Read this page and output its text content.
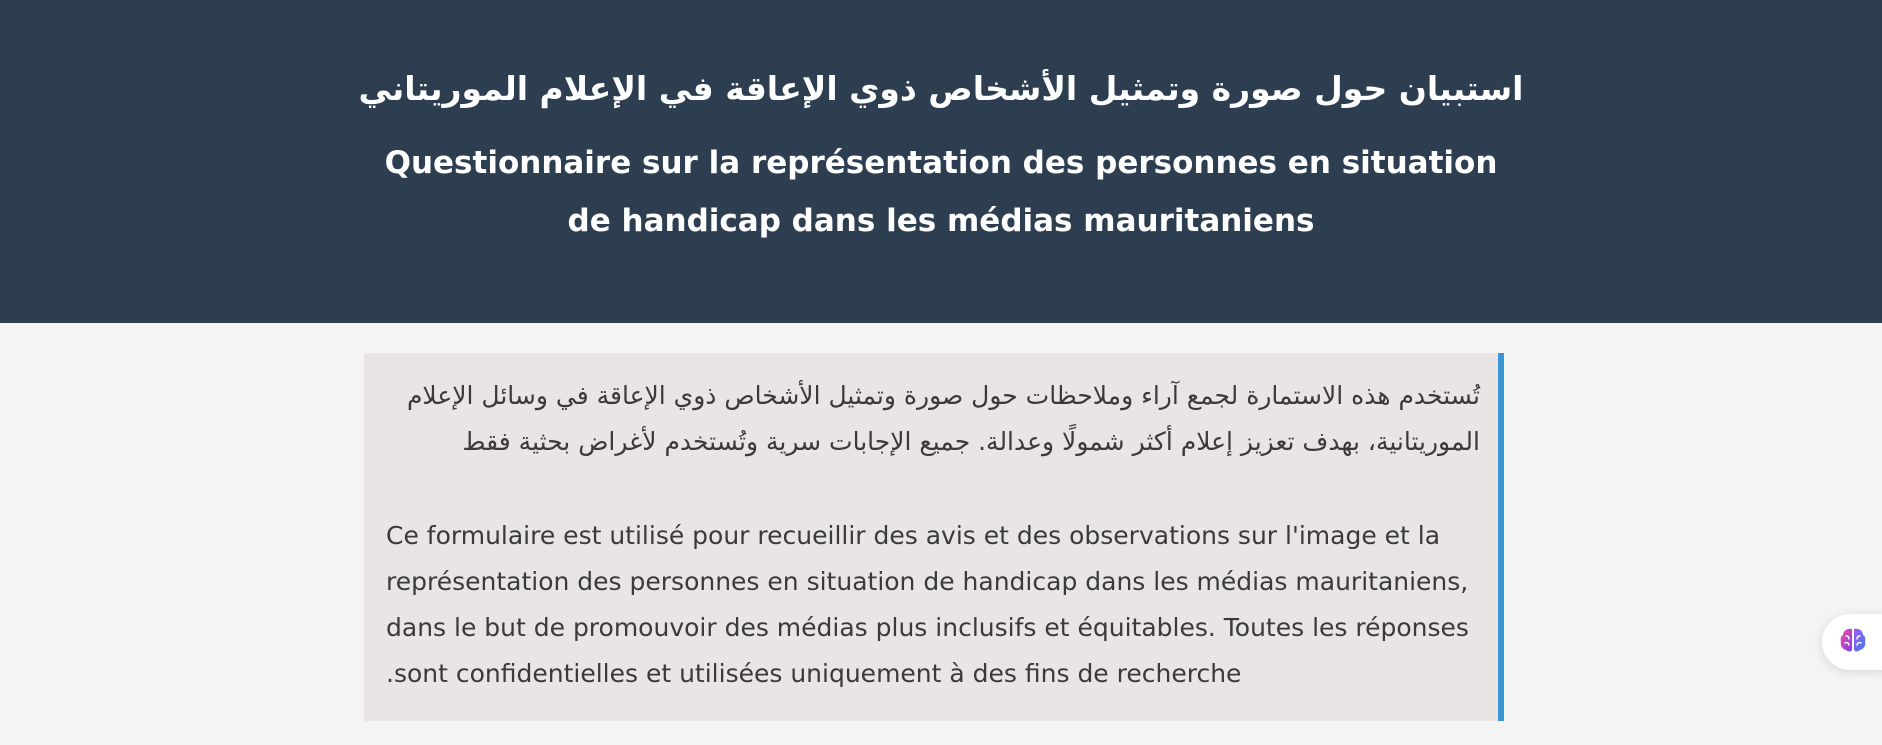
استبيان حول صورة وتمثيل الأشخاص ذوي الإعاقة في الإعلام الموريتاني
Questionnaire sur la représentation des personnes en situation de handicap dans les médias mauritaniens

تُستخدم هذه الاستمارة لجمع آراء وملاحظات حول صورة وتمثيل الأشخاص ذوي الإعاقة في وسائل الإعلام الموريتانية، بهدف تعزيز إعلام أكثر شمولًا وعدالة. جميع الإجابات سرية وتُستخدم لأغراض بحثية فقط

Ce formulaire est utilisé pour recueillir des avis et des observations sur l'image et la représentation des personnes en situation de handicap dans les médias mauritaniens, dans le but de promouvoir des médias plus inclusifs et équitables. Toutes les réponses .sont confidentielles et utilisées uniquement à des fins de recherche
